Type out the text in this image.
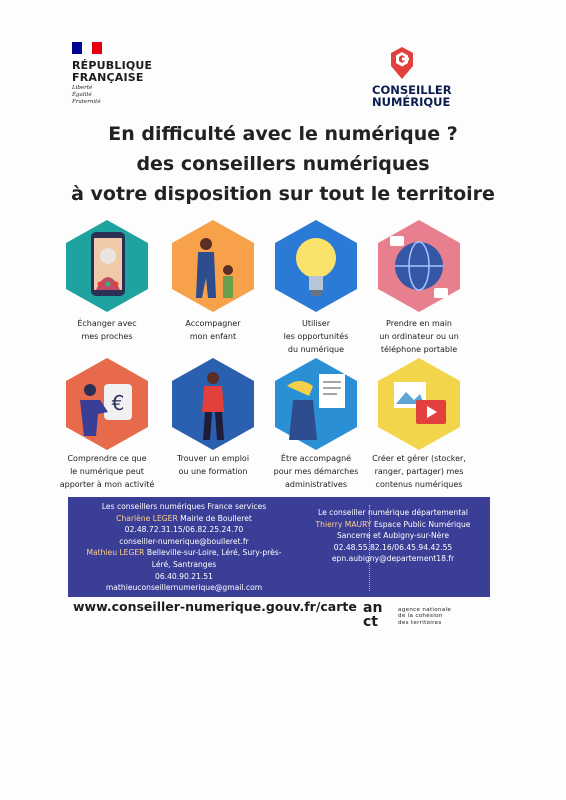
RÉPUBLIQUE
FRANÇAISE
Liberté
Égalité
Fraternité
CONSEILLER
NUMÉRIQUE
En difficulté avec le numérique ?
des conseillers numériques
à votre disposition sur tout le territoire
Échanger avec
mes proches
Accompagner
mon enfant
Utiliser
les opportunités
du numérique
Prendre en main
un ordinateur ou un
téléphone portable
€
Comprendre ce que
le numérique peut
apporter à mon activité
Trouver un emploi
ou une formation
Être accompagné
pour mes démarches
administratives
Créer et gérer (stocker,
ranger, partager) mes
contenus numériques
Les conseillers numériques France services
Charlène LEGER Mairie de Boulleret
02.48.72.31.15/06.82.25.24.70
conseiller-numerique@boulleret.fr
Mathieu LEGER Belleville-sur-Loire, Léré, Sury-près-
Léré, Santranges
06.40.90.21.51
mathieuconseillernumerique@gmail.com
Le conseiller numérique départemental
Thierry MAURY Espace Public Numérique
Sancerre et Aubigny-sur-Nère
02.48.55.82.16/06.45.94.42.55
epn.aubigny@departement18.fr
www.conseiller-numerique.gouv.fr/carte an
ct
agence nationale
de la cohésion
des territoires
